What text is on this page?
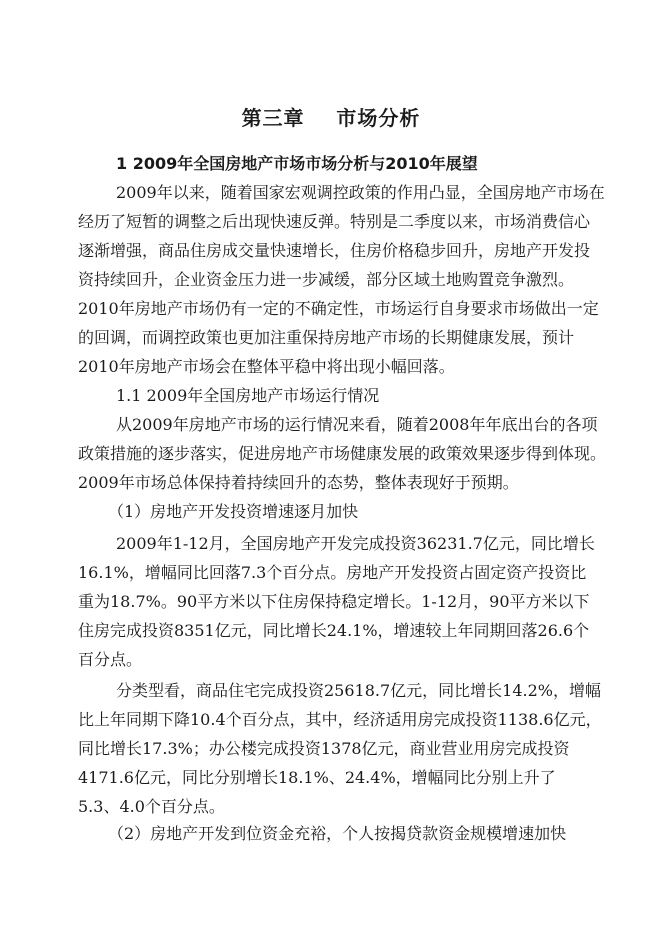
第三章    市场分析
1 2009年全国房地产市场市场分析与2010年展望
2009年以来，随着国家宏观调控政策的作用凸显，全国房地产市场在
经历了短暂的调整之后出现快速反弹。特别是二季度以来，市场消费信心
逐渐增强，商品住房成交量快速增长，住房价格稳步回升，房地产开发投
资持续回升，企业资金压力进一步减缓，部分区域土地购置竞争激烈。
2010年房地产市场仍有一定的不确定性，市场运行自身要求市场做出一定
的回调，而调控政策也更加注重保持房地产市场的长期健康发展，预计
2010年房地产市场会在整体平稳中将出现小幅回落。
1.1 2009年全国房地产市场运行情况
从2009年房地产市场的运行情况来看，随着2008年年底出台的各项
政策措施的逐步落实，促进房地产市场健康发展的政策效果逐步得到体现。
2009年市场总体保持着持续回升的态势，整体表现好于预期。
（1）房地产开发投资增速逐月加快
2009年1-12月，全国房地产开发完成投资36231.7亿元，同比增长
16.1%，增幅同比回落7.3个百分点。房地产开发投资占固定资产投资比
重为18.7%。90平方米以下住房保持稳定增长。1-12月，90平方米以下
住房完成投资8351亿元，同比增长24.1%，增速较上年同期回落26.6个
百分点。
分类型看，商品住宅完成投资25618.7亿元，同比增长14.2%，增幅
比上年同期下降10.4个百分点，其中，经济适用房完成投资1138.6亿元，
同比增长17.3%；办公楼完成投资1378亿元，商业营业用房完成投资
4171.6亿元，同比分别增长18.1%、24.4%，增幅同比分别上升了
5.3、4.0个百分点。
（2）房地产开发到位资金充裕，个人按揭贷款资金规模增速加快
